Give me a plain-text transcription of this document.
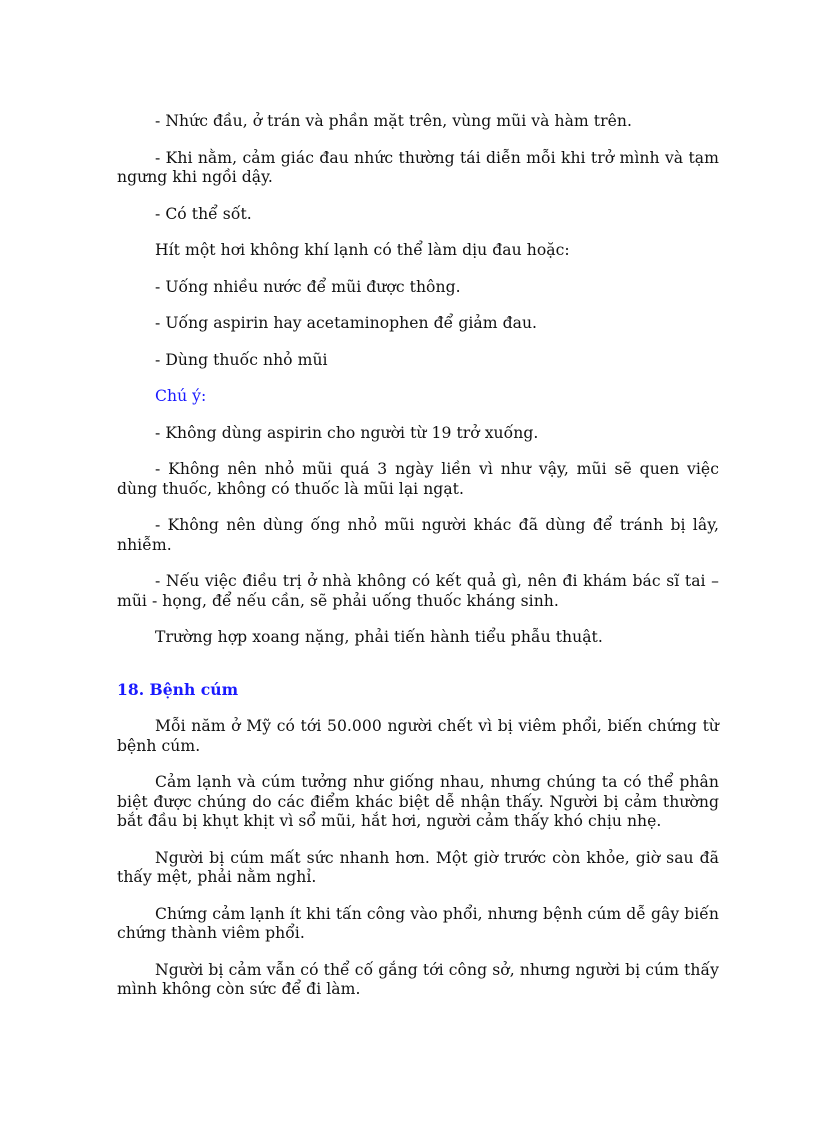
- Nhức đầu, ở trán và phần mặt trên, vùng mũi và hàm trên.

- Khi nằm, cảm giác đau nhức thường tái diễn mỗi khi trở mình và tạm ngưng khi ngồi dậy.

- Có thể sốt.

Hít một hơi không khí lạnh có thể làm dịu đau hoặc:

- Uống nhiều nước để mũi được thông.

- Uống aspirin hay acetaminophen để giảm đau.

- Dùng thuốc nhỏ mũi

Chú ý:

- Không dùng aspirin cho người từ 19 trở xuống.

- Không nên nhỏ mũi quá 3 ngày liền vì như vậy, mũi sẽ quen việc dùng thuốc, không có thuốc là mũi lại ngạt.

- Không nên dùng ống nhỏ mũi người khác đã dùng để tránh bị lây, nhiễm.

- Nếu việc điều trị ở nhà không có kết quả gì, nên đi khám bác sĩ tai – mũi - họng, để nếu cần, sẽ phải uống thuốc kháng sinh.

Trường hợp xoang nặng, phải tiến hành tiểu phẫu thuật.

18. Bệnh cúm

Mỗi năm ở Mỹ có tới 50.000 người chết vì bị viêm phổi, biến chứng từ bệnh cúm.

Cảm lạnh và cúm tưởng như giống nhau, nhưng chúng ta có thể phân biệt được chúng do các điểm khác biệt dễ nhận thấy. Người bị cảm thường bắt đầu bị khụt khịt vì sổ mũi, hắt hơi, người cảm thấy khó chịu nhẹ.

Người bị cúm mất sức nhanh hơn. Một giờ trước còn khỏe, giờ sau đã thấy mệt, phải nằm nghỉ.

Chứng cảm lạnh ít khi tấn công vào phổi, nhưng bệnh cúm dễ gây biến chứng thành viêm phổi.

Người bị cảm vẫn có thể cố gắng tới công sở, nhưng người bị cúm thấy mình không còn sức để đi làm.
